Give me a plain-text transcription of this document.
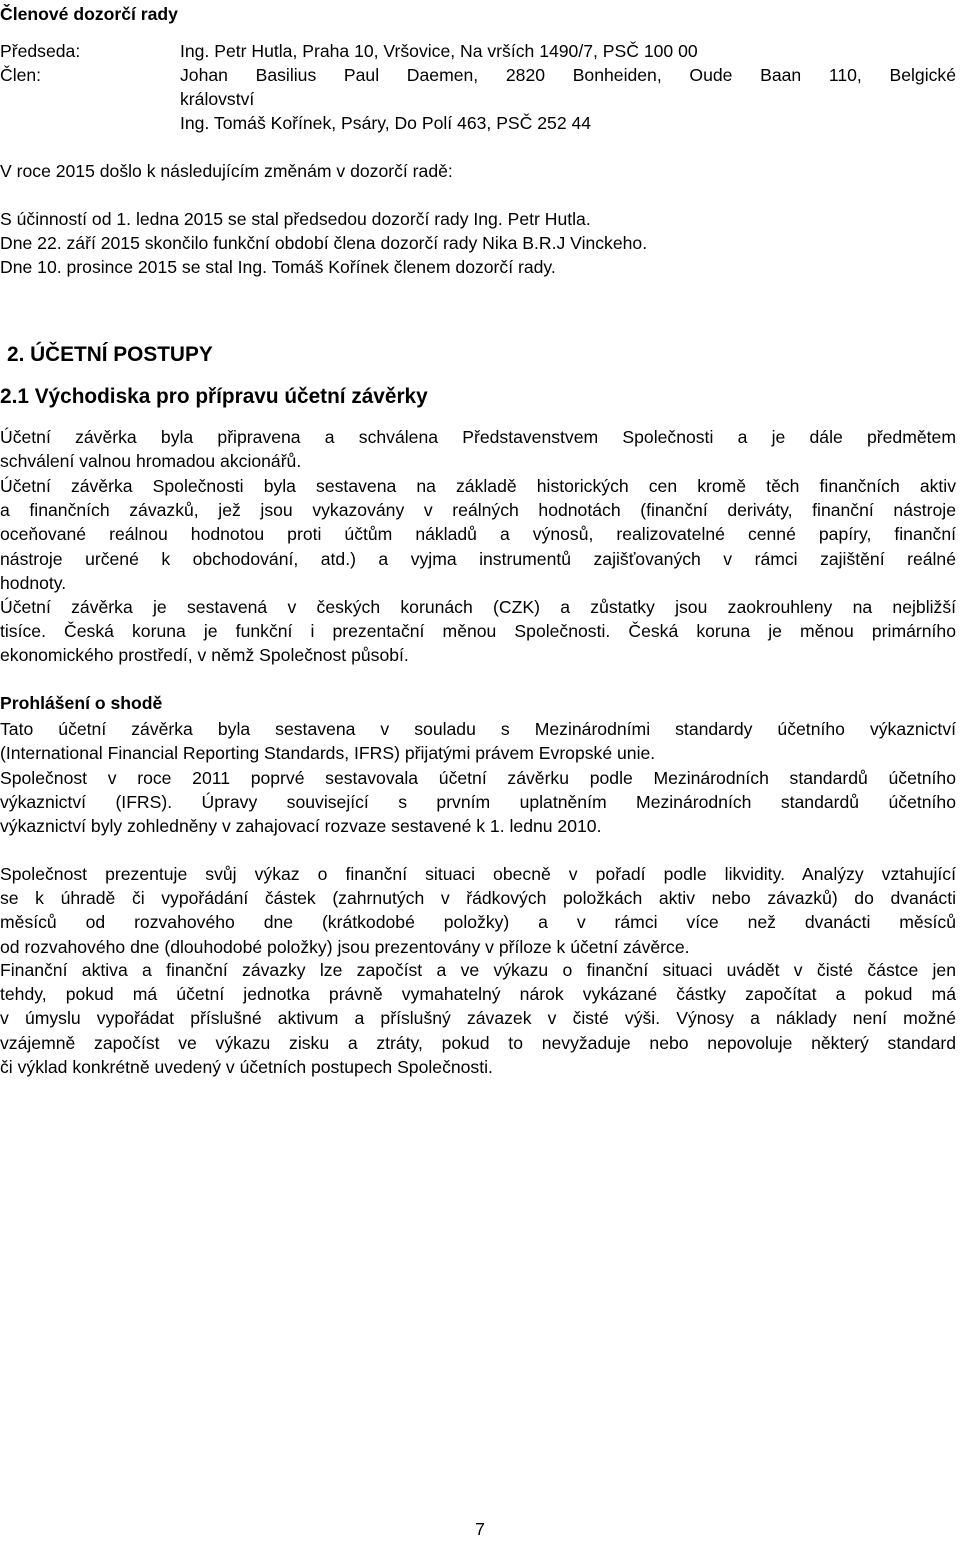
Členové dozorčí rady
Předseda:	Ing. Petr Hutla, Praha 10, Vršovice, Na vrších 1490/7, PSČ 100 00
Člen:	Johan Basilius Paul Daemen, 2820 Bonheiden, Oude Baan 110, Belgické
království
Ing. Tomáš Kořínek, Psáry, Do Polí 463, PSČ 252 44
V roce 2015 došlo k následujícím změnám v dozorčí radě:
S účinností od 1. ledna 2015 se stal předsedou dozorčí rady Ing. Petr Hutla.
Dne 22. září 2015 skončilo funkční období člena dozorčí rady Nika B.R.J Vinckeho.
Dne 10. prosince 2015 se stal Ing. Tomáš Kořínek členem dozorčí rady.
2. ÚČETNÍ POSTUPY
2.1 Východiska pro přípravu účetní závěrky
Účetní závěrka byla připravena a schválena Představenstvem Společnosti a je dále předmětem
schválení valnou hromadou akcionářů.
Účetní závěrka Společnosti byla sestavena na základě historických cen kromě těch finančních aktiv
a finančních závazků, jež jsou vykazovány v reálných hodnotách (finanční deriváty, finanční nástroje
oceňované reálnou hodnotou proti účtům nákladů a výnosů, realizovatelné cenné papíry, finanční
nástroje určené k obchodování, atd.) a vyjma instrumentů zajišťovaných v rámci zajištění reálné
hodnoty.
Účetní závěrka je sestavená v českých korunách (CZK) a zůstatky jsou zaokrouhleny na nejbližší
tisíce. Česká koruna je funkční i prezentační měnou Společnosti. Česká koruna je měnou primárního
ekonomického prostředí, v němž Společnost působí.
Prohlášení o shodě
Tato účetní závěrka byla sestavena v souladu s Mezinárodními standardy účetního výkaznictví
(International Financial Reporting Standards, IFRS) přijatými právem Evropské unie.
Společnost v roce 2011 poprvé sestavovala účetní závěrku podle Mezinárodních standardů účetního
výkaznictví (IFRS). Úpravy související s prvním uplatněním Mezinárodních standardů účetního
výkaznictví byly zohledněny v zahajovací rozvaze sestavené k 1. lednu 2010.
Společnost prezentuje svůj výkaz o finanční situaci obecně v pořadí podle likvidity. Analýzy vztahující
se k úhradě či vypořádání částek (zahrnutých v řádkových položkách aktiv nebo závazků) do dvanácti
měsíců od rozvahového dne (krátkodobé položky) a v rámci více než dvanácti měsíců
od rozvahového dne (dlouhodobé položky) jsou prezentovány v příloze k účetní závěrce.
Finanční aktiva a finanční závazky lze započíst a ve výkazu o finanční situaci uvádět v čisté částce jen
tehdy, pokud má účetní jednotka právně vymahatelný nárok vykázané částky započítat a pokud má
v úmyslu vypořádat příslušné aktivum a příslušný závazek v čisté výši. Výnosy a náklady není možné
vzájemně započíst ve výkazu zisku a ztráty, pokud to nevyžaduje nebo nepovoluje některý standard
či výklad konkrétně uvedený v účetních postupech Společnosti.
7
